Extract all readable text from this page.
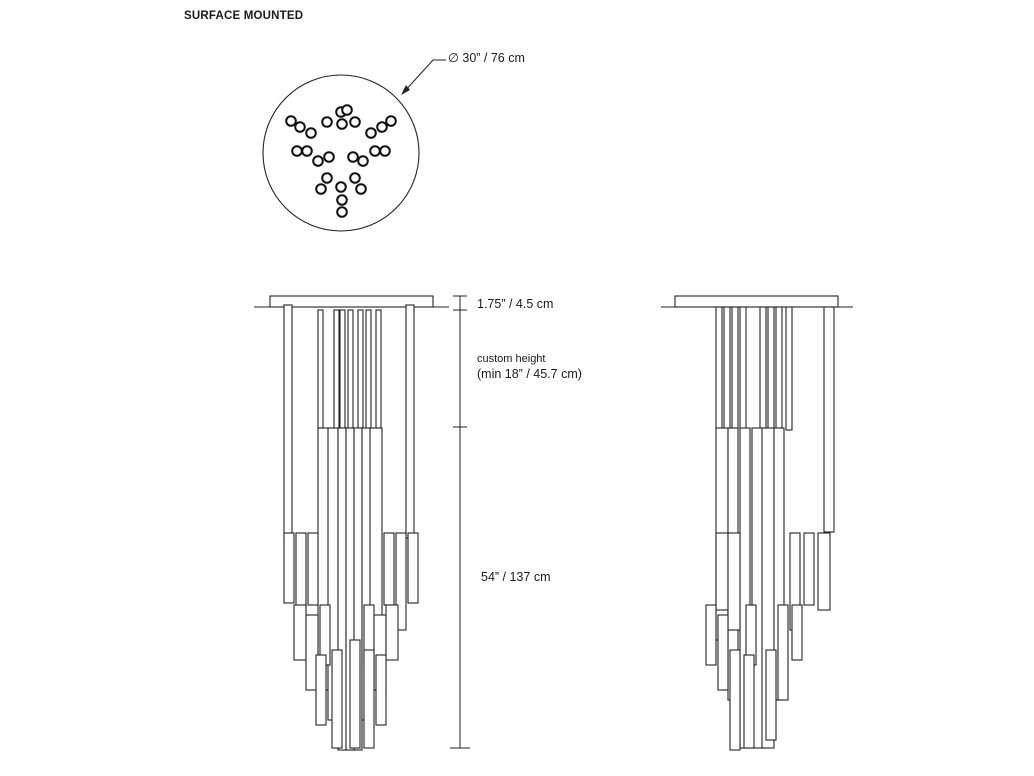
SURFACE MOUNTED
∅ 30” / 76 cm
1.75” / 4.5 cm
custom height
(min 18” / 45.7 cm)
54” / 137 cm
